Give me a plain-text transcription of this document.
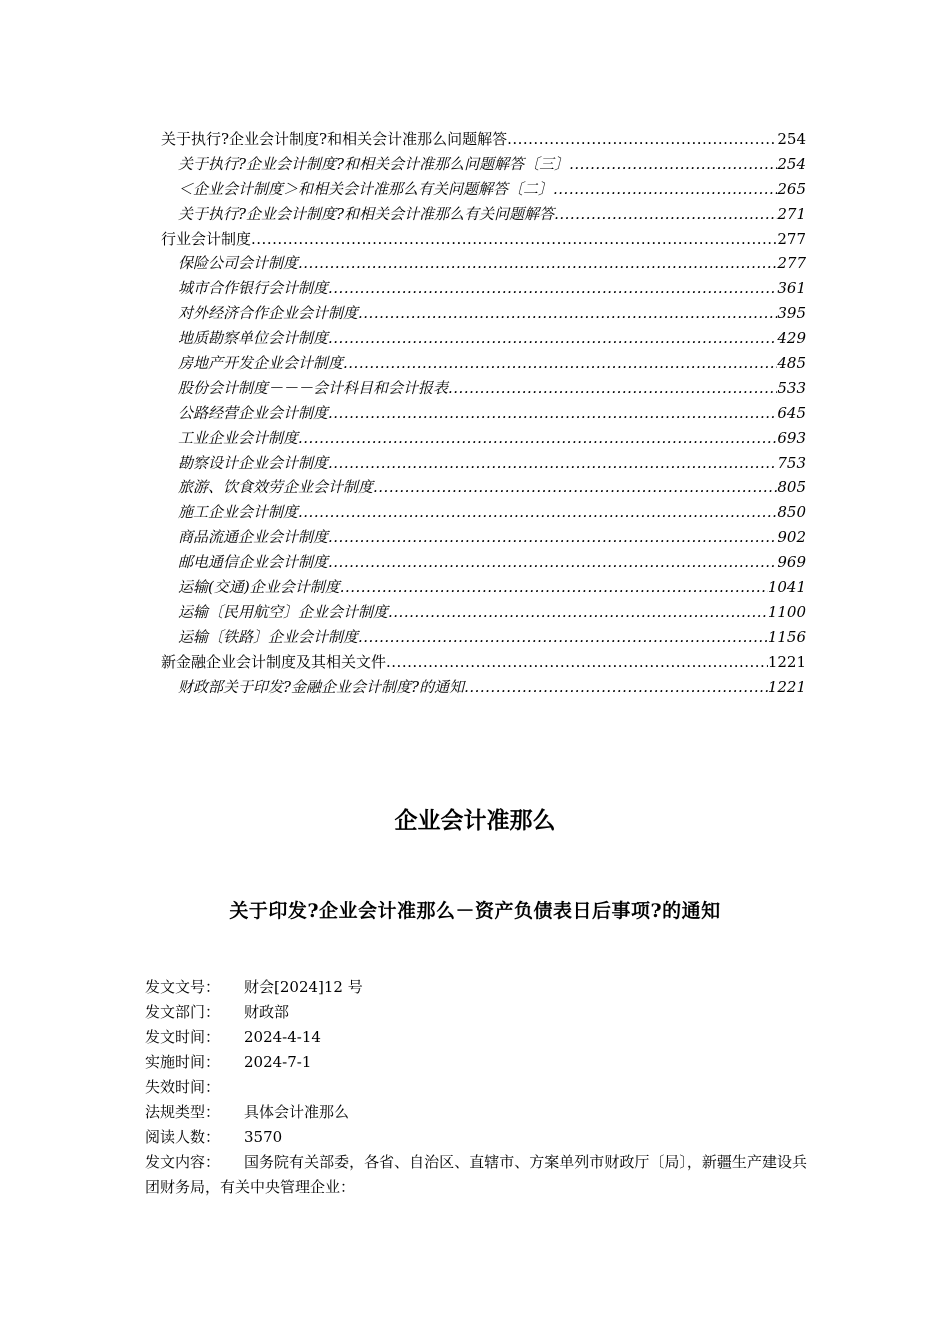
关于执行?企业会计制度?和相关会计准那么问题解答 .....	254
关于执行?企业会计制度?和相关会计准那么问题解答〔三〕 .....	254
＜企业会计制度＞和相关会计准那么有关问题解答〔二〕 .....	265
关于执行?企业会计制度?和相关会计准那么有关问题解答 .....	271
行业会计制度 .....	277
保险公司会计制度 .....	277
城市合作银行会计制度 .....	361
对外经济合作企业会计制度 .....	395
地质勘察单位会计制度 .....	429
房地产开发企业会计制度 .....	485
股份会计制度－－－会计科目和会计报表 .....	533
公路经营企业会计制度 .....	645
工业企业会计制度 .....	693
勘察设计企业会计制度 .....	753
旅游、饮食效劳企业会计制度 .....	805
施工企业会计制度 .....	850
商品流通企业会计制度 .....	902
邮电通信企业会计制度 .....	969
运输(交通)企业会计制度 .....	1041
运输〔民用航空〕企业会计制度 .....	1100
运输〔铁路〕企业会计制度 .....	1156
新金融企业会计制度及其相关文件 .....	1221
财政部关于印发?金融企业会计制度?的通知 .....	1221
企业会计准那么
关于印发?企业会计准那么－资产负债表日后事项?的通知
发文文号：	财会[2024]12 号
发文部门：	财政部
发文时间：	2024-4-14
实施时间：	2024-7-1
失效时间：
法规类型：	具体会计准那么
阅读人数：	3570
发文内容： 国务院有关部委，各省、自治区、直辖市、方案单列市财政厅〔局〕，新疆生产建设兵团财务局，有关中央管理企业：
